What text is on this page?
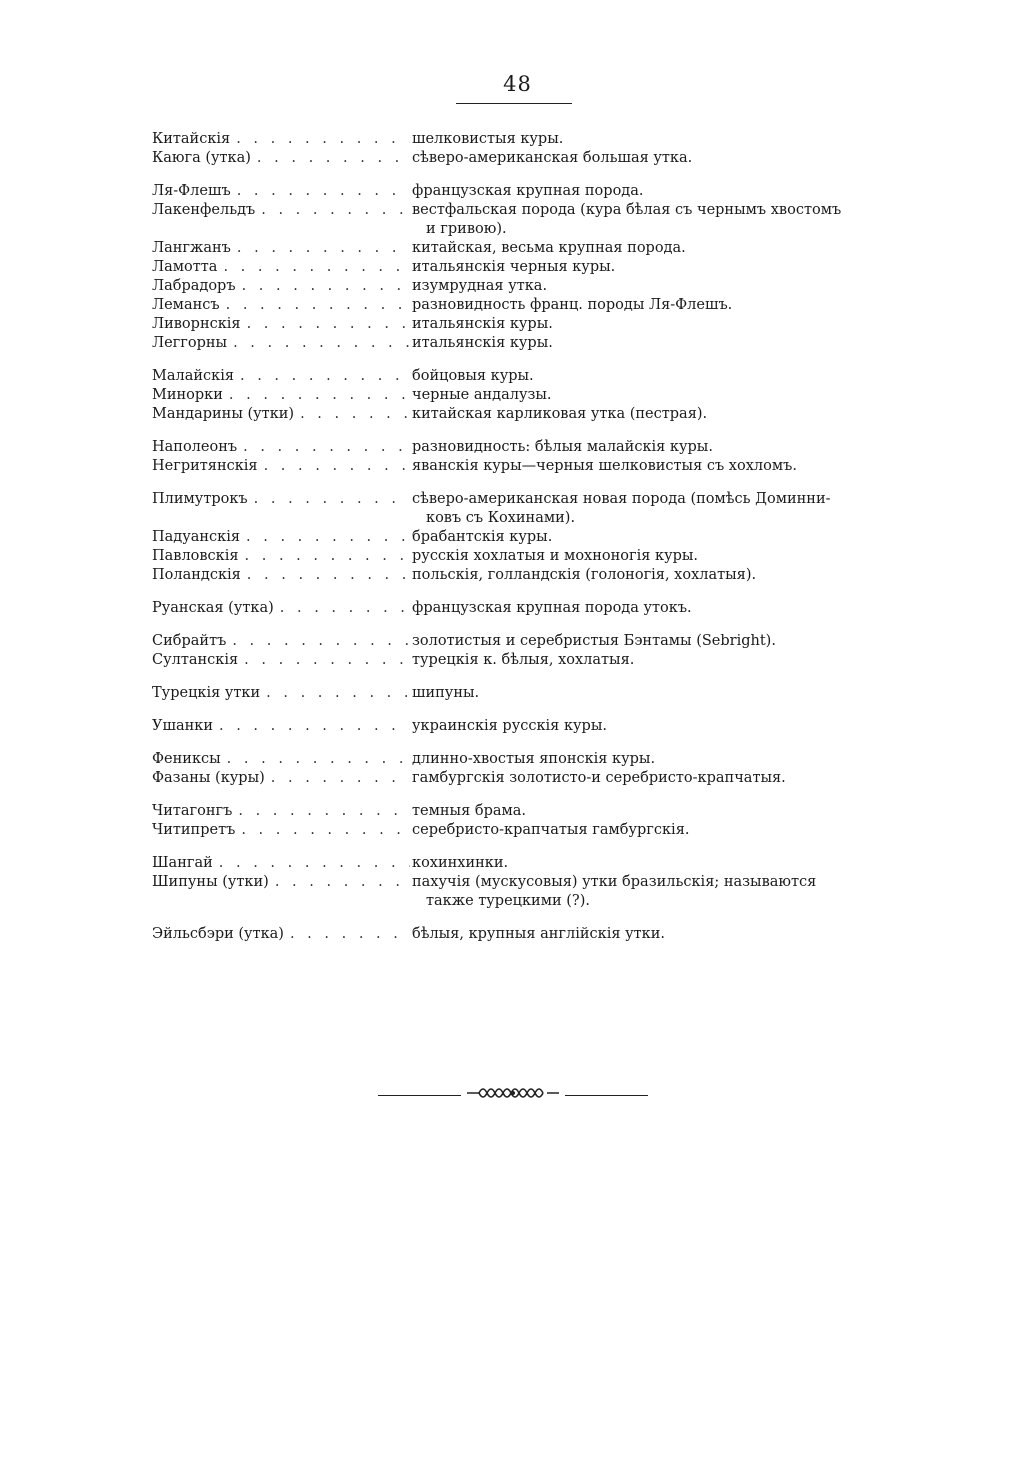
48
Китайскія . . .	шелковистыя куры.
Каюга (утка) . . .	сѣверо-американская большая утка.
Ля-Флешъ . . .	французская крупная порода.
Лакенфельдъ . . .	вестфальская порода (кура бѣлая съ чернымъ хвостомъ
и гривою).
Лангжанъ . . .	китайская, весьма крупная порода.
Ламотта . . .	итальянскія черныя куры.
Лабрадоръ . . .	изумрудная утка.
Лемансъ . . .	разновидность франц. породы Ля-Флешъ.
Ливорнскія . . .	итальянскія куры.
Леггорны . . .	итальянскія куры.
Малайскія . . .	бойцовыя куры.
Минорки . . .	черные андалузы.
Мандарины (утки) . . .	китайская карликовая утка (пестрая).
Наполеонъ . . .	разновидность: бѣлыя малайскія куры.
Негритянскія . . .	яванскія куры—черныя шелковистыя съ хохломъ.
Плимутрокъ . . .	сѣверо-американская новая порода (помѣсь Доминни-
ковъ съ Кохинами).
Падуанскія . . .	брабантскія куры.
Павловскія . . .	русскія хохлатыя и мохноногія куры.
Поландскія . . .	польскія, голландскія (голоногія, хохлатыя).
Руанская (утка) . . .	французская крупная порода утокъ.
Сибрайтъ . . .	золотистыя и серебристыя Бэнтамы (Sebright).
Султанскія . . .	турецкія к. бѣлыя, хохлатыя.
Турецкія утки . . .	шипуны.
Ушанки . . .	украинскія русскія куры.
Фениксы . . .	длинно-хвостыя японскія куры.
Фазаны (куры) . . .	гамбургскія золотисто-и серебристо-крапчатыя.
Читагонгъ . . .	темныя брама.
Читипретъ . . .	серебристо-крапчатыя гамбургскія.
Шангай . . .	кохинхинки.
Шипуны (утки) . . .	пахучія (мускусовыя) утки бразильскія; называются
также турецкими (?).
Эйльсбэри (утка) . . .	бѣлыя, крупныя англійскія утки.
